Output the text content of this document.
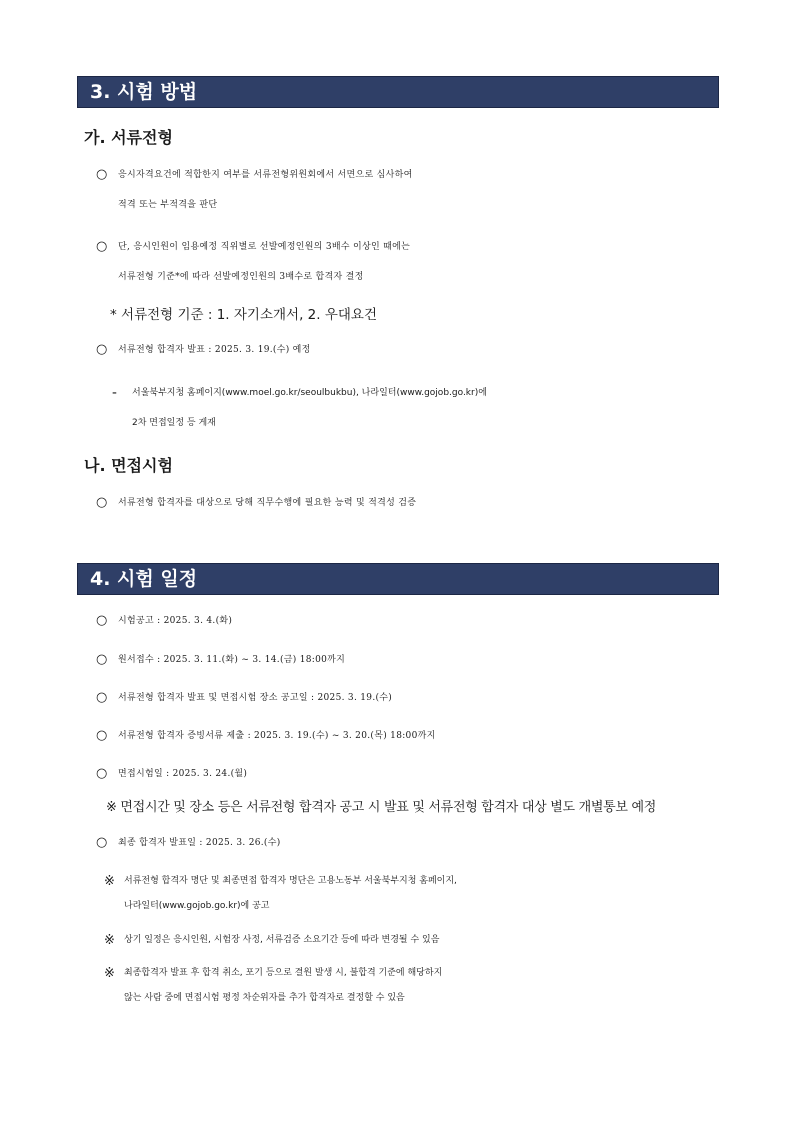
3. 시험 방법
가. 서류전형
○	응시자격요건에 적합한지 여부를 서류전형위원회에서 서면으로 심사하여
적격 또는 부적격을 판단
○	단, 응시인원이 임용예정 직위별로 선발예정인원의 3배수 이상인 때에는
서류전형 기준*에 따라 선발예정인원의 3배수로 합격자 결정
* 서류전형 기준 : 1. 자기소개서, 2. 우대요건
○	서류전형 합격자 발표 : 2025. 3. 19.(수) 예정
- 서울북부지청 홈페이지(www.moel.go.kr/seoulbukbu), 나라일터(www.gojob.go.kr)에
2차 면접일정 등 게재
나. 면접시험
○	서류전형 합격자를 대상으로 당해 직무수행에 필요한 능력 및 적격성 검증
4. 시험 일정
○	시험공고 : 2025. 3. 4.(화)
○	원서접수 : 2025. 3. 11.(화) ~ 3. 14.(금) 18:00까지
○	서류전형 합격자 발표 및 면접시험 장소 공고일 : 2025. 3. 19.(수)
○	서류전형 합격자 증빙서류 제출 : 2025. 3. 19.(수) ~ 3. 20.(목) 18:00까지
○	면접시험일 : 2025. 3. 24.(월)
※ 면접시간 및 장소 등은 서류전형 합격자 공고 시 발표 및 서류전형 합격자 대상 별도 개별통보 예정
○	최종 합격자 발표일 : 2025. 3. 26.(수)
※ 서류전형 합격자 명단 및 최종면접 합격자 명단은 고용노동부 서울북부지청 홈페이지,
나라일터(www.gojob.go.kr)에 공고
※ 상기 일정은 응시인원, 시험장 사정, 서류검증 소요기간 등에 따라 변경될 수 있음
※ 최종합격자 발표 후 합격 취소, 포기 등으로 결원 발생 시, 불합격 기준에 해당하지
않는 사람 중에 면접시험 평정 차순위자를 추가 합격자로 결정할 수 있음
